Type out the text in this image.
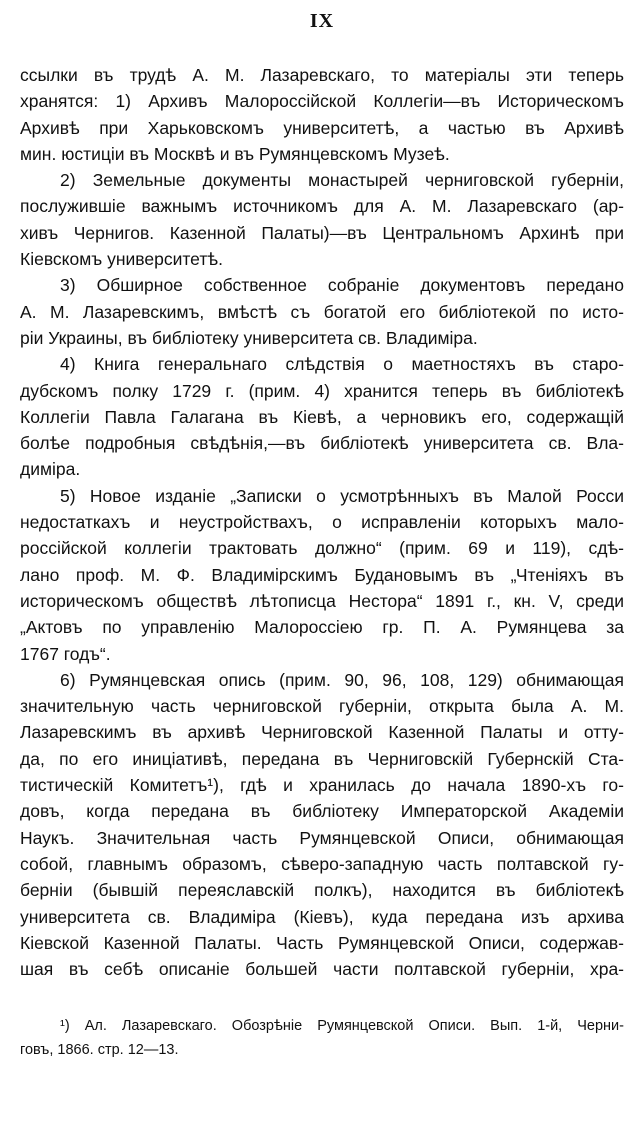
IX
ссылки въ трудѣ А. М. Лазаревскаго, то матеріалы эти теперь
хранятся: 1) Архивъ Малороссійской Коллегіи—въ Историческомъ
Архивѣ при Харьковскомъ университетѣ, а частью въ Архивѣ
мин. юстиціи въ Москвѣ и въ Румянцевскомъ Музеѣ.
2) Земельные документы монастырей черниговской губерніи,
послужившіе важнымъ источникомъ для А. М. Лазаревскаго (ар-
хивъ Чернигов. Казенной Палаты)—въ Центральномъ Архинѣ при
Кіевскомъ университетѣ.
3) Обширное собственное собраніе документовъ переданo
А. М. Лазаревскимъ, вмѣстѣ съ богатой его библіотекой по исто-
ріи Украины, въ библіотеку университета св. Владиміра.
4) Книга генеральнаго слѣдствія о маетностяхъ въ старо-
дубскомъ полку 1729 г. (прим. 4) хранится теперь въ библіотекѣ
Коллегіи Павла Галагана въ Кіевѣ, а черновикъ его, содержащій
болѣе подробныя свѣдѣнія,—въ библіотекѣ университета св. Вла-
диміра.
5) Новое изданіе „Записки о усмотрѣнныхъ въ Малой Росси
недостаткахъ и неустройствахъ, о исправленіи которыхъ мало-
россійской коллегіи трактовать должно“ (прим. 69 и 119), сдѣ-
лано проф. М. Ф. Владимірскимъ Будановымъ въ „Чтеніяхъ въ
историческомъ обществѣ лѣтописца Нестора“ 1891 г., кн. V, среди
„Актовъ по управленію Малороссіею гр. П. А. Румянцева за
1767 годъ“.
6) Румянцевская опись (прим. 90, 96, 108, 129) обнимающая
значительную часть черниговской губерніи, открыта была А. М.
Лазаревскимъ въ архивѣ Черниговской Казенной Палаты и отту-
да, по его иниціативѣ, передана въ Черниговскій Губернскій Ста-
тистическій Комитетъ¹), гдѣ и хранилась до начала 1890-хъ го-
довъ, когда передана въ библіотеку Императорской Академіи
Наукъ. Значительная часть Румянцевской Описи, обнимающая
собой, главнымъ образомъ, сѣверо-западную часть полтавской гу-
берніи (бывшій переяславскій полкъ), находится въ библіотекѣ
университета св. Владиміра (Кіевъ), куда передана изъ архива
Кіевской Казенной Палаты. Часть Румянцевской Описи, содержав-
шая въ себѣ описаніе большей части полтавской губерніи, хра-
¹) Ал. Лазаревскаго. Обозрѣніе Румянцевской Описи. Вып. 1-й, Черни-
говъ, 1866. стр. 12—13.
